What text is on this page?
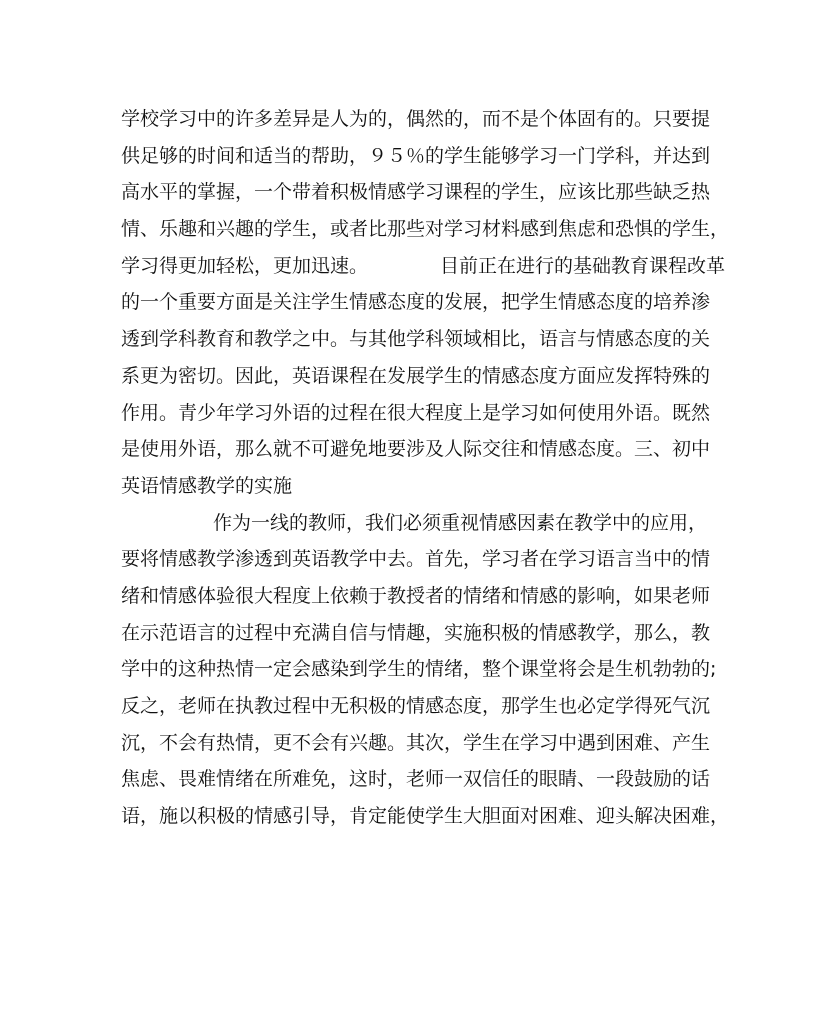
学校学习中的许多差异是人为的，偶然的，而不是个体固有的。只要提
供足够的时间和适当的帮助，９５％的学生能够学习一门学科，并达到
高水平的掌握，一个带着积极情感学习课程的学生，应该比那些缺乏热
情、乐趣和兴趣的学生，或者比那些对学习材料感到焦虑和恐惧的学生，
学习得更加轻松，更加迅速。	目前正在进行的基础教育课程改革
的一个重要方面是关注学生情感态度的发展，把学生情感态度的培养渗
透到学科教育和教学之中。与其他学科领域相比，语言与情感态度的关
系更为密切。因此，英语课程在发展学生的情感态度方面应发挥特殊的
作用。青少年学习外语的过程在很大程度上是学习如何使用外语。既然
是使用外语，那么就不可避免地要涉及人际交往和情感态度。三、初中
英语情感教学的实施
作为一线的教师，我们必须重视情感因素在教学中的应用，
要将情感教学渗透到英语教学中去。首先，学习者在学习语言当中的情
绪和情感体验很大程度上依赖于教授者的情绪和情感的影响，如果老师
在示范语言的过程中充满自信与情趣，实施积极的情感教学，那么，教
学中的这种热情一定会感染到学生的情绪，整个课堂将会是生机勃勃的;
反之，老师在执教过程中无积极的情感态度，那学生也必定学得死气沉
沉，不会有热情，更不会有兴趣。其次，学生在学习中遇到困难、产生
焦虑、畏难情绪在所难免，这时，老师一双信任的眼睛、一段鼓励的话
语，施以积极的情感引导，肯定能使学生大胆面对困难、迎头解决困难，
